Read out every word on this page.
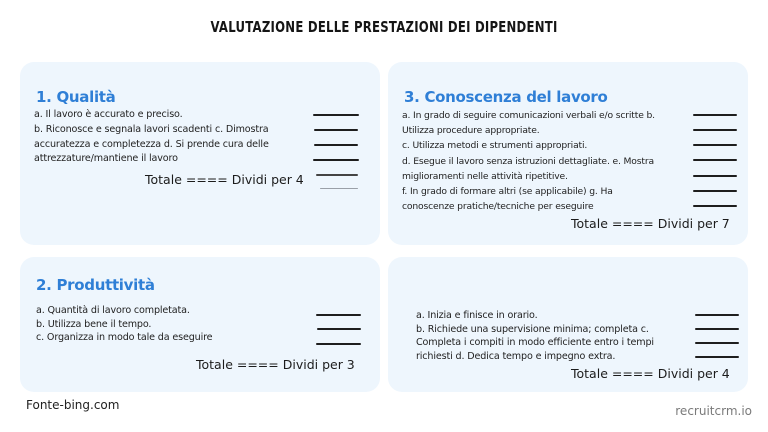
VALUTAZIONE DELLE PRESTAZIONI DEI DIPENDENTI
1. Qualità
a. Il lavoro è accurato e preciso.
b. Riconosce e segnala lavori scadenti c. Dimostra
accuratezza e completezza d. Si prende cura delle
attrezzature/mantiene il lavoro
Totale ==== Dividi per 4
3. Conoscenza del lavoro
a. In grado di seguire comunicazioni verbali e/o scritte b.
Utilizza procedure appropriate.
c. Utilizza metodi e strumenti appropriati.
d. Esegue il lavoro senza istruzioni dettagliate. e. Mostra
miglioramenti nelle attività ripetitive.
f. In grado di formare altri (se applicabile) g. Ha
conoscenze pratiche/tecniche per eseguire
Totale ==== Dividi per 7
2. Produttività
a. Quantità di lavoro completata.
b. Utilizza bene il tempo.
c. Organizza in modo tale da eseguire
Totale ==== Dividi per 3
a. Inizia e finisce in orario.
b. Richiede una supervisione minima; completa c.
Completa i compiti in modo efficiente entro i tempi
richiesti d. Dedica tempo e impegno extra.
Totale ==== Dividi per 4
Fonte-bing.com	recruitcrm.io
